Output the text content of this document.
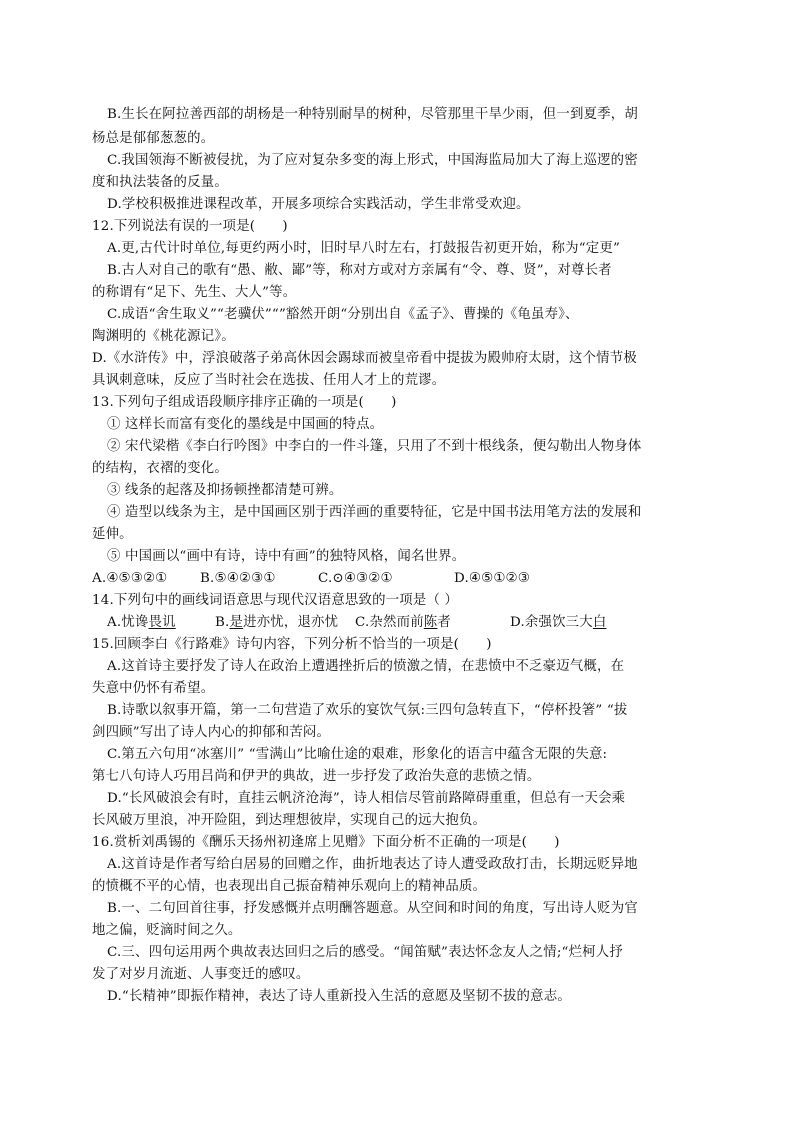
B.生长在阿拉善西部的胡杨是一种特别耐旱的树种，尽管那里干旱少雨，但一到夏季，胡
杨总是郁郁葱葱的。
C.我国领海不断被侵扰，为了应对复杂多变的海上形式，中国海监局加大了海上巡逻的密
度和执法装备的反量。
D.学校积极推进课程改革，开展多项综合实践活动，学生非常受欢迎。
12.下列说法有误的一项是(　　)
A.更,古代计时单位,每更约两小时，旧时早八时左右，打鼓报告初更开始，称为“定更”
B.古人对自己的歌有“愚、敝、鄙”等，称对方或对方亲属有“令、尊、贤”，对尊长者
的称谓有“足下、先生、大人”等。
C.成语“舍生取义”“老骥伏”“”豁然开朗“分别出自《孟子》、曹操的《龟虽寿》、
陶渊明的《桃花源记》。
D.《水浒传》中，浮浪破落子弟高休因会踢球而被皇帝看中提拔为殿帅府太尉，这个情节极
具讽刺意味，反应了当时社会在选拔、任用人才上的荒谬。
13.下列句子组成语段顺序排序正确的一项是(　　)
① 这样长而富有变化的墨线是中国画的特点。
② 宋代梁楷《李白行吟图》中李白的一件斗篷，只用了不到十根线条，便勾勒出人物身体
的结构，衣褶的变化。
③ 线条的起落及抑扬顿挫都清楚可辨。
④ 造型以线条为主，是中国画区别于西洋画的重要特征，它是中国书法用笔方法的发展和
延伸。
⑤ 中国画以“画中有诗，诗中有画”的独特风格，闻名世界。
A.④⑤③②① B.⑤④②③①	C.⊙④③②①	D.④⑤①②③
14.下列句中的画线词语意思与现代汉语意思致的一项是（ ）
A.忧谗畏讥	B.是进亦忧，退亦忧 C.杂然而前陈者	D.余强饮三大白
15.回顾李白《行路难》诗句内容，下列分析不恰当的一项是(　　)
A.这首诗主要抒发了诗人在政治上遭遇挫折后的愤激之情，在悲愤中不乏豪迈气概，在
失意中仍怀有希望。
B.诗歌以叙事开篇，第一二句营造了欢乐的宴饮气氛:三四句急转直下，“停杯投箸” “拔
剑四顾”写出了诗人内心的抑郁和苦闷。
C.第五六句用“冰塞川” “雪满山”比喻仕途的艰难，形象化的语言中蕴含无限的失意:
第七八句诗人巧用吕尚和伊尹的典故，进一步抒发了政治失意的悲愤之情。
D.“长风破浪会有时，直挂云帆济沧海”，诗人相信尽管前路障碍重重，但总有一天会乘
长风破万里浪，冲开险阻，到达理想彼岸，实现自己的远大抱负。
16.赏析刘禹锡的《酬乐天扬州初逢席上见赠》下面分析不正确的一项是(　　)
A.这首诗是作者写给白居易的回赠之作，曲折地表达了诗人遭受政敌打击，长期远贬异地
的愤概不平的心情，也表现出自己振奋精神乐观向上的精神品质。
B.一、二句回首往事，抒发感慨并点明酬答题意。从空间和时间的角度，写出诗人贬为官
地之偏，贬滴时间之久。
C.三、四句运用两个典故表达回归之后的感受。“闻笛赋”表达怀念友人之情;“烂柯人抒
发了对岁月流逝、人事变迁的感叹。
D.“长精神”即振作精神，表达了诗人重新投入生活的意愿及坚韧不拔的意志。
